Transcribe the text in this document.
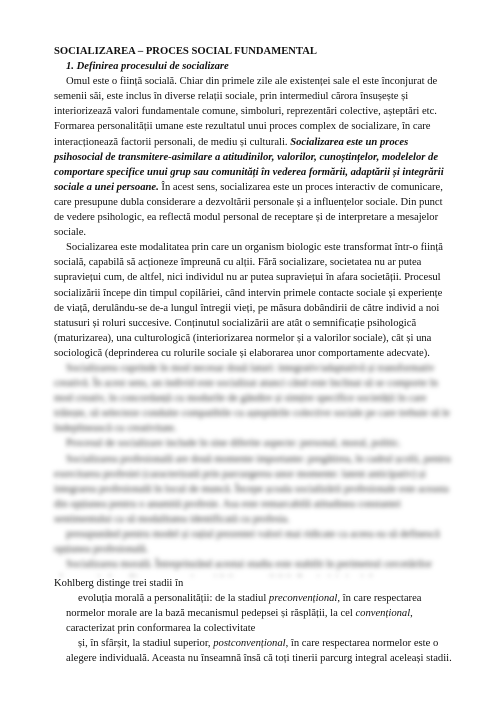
SOCIALIZAREA – PROCES SOCIAL FUNDAMENTAL
1. Definirea procesului de socializare

Omul este o ființă socială. Chiar din primele zile ale existenței sale el este înconjurat de semenii săi, este inclus în diverse relații sociale, prin intermediul cărora însușește și interiorizează valori fundamentale comune, simboluri, reprezentări colective, așteptări etc. Formarea personalității umane este rezultatul unui proces complex de socializare, în care interacționează factorii personali, de mediu și culturali. Socializarea este un proces psihosocial de transmitere-asimilare a atitudinilor, valorilor, cunoștințelor, modelelor de comportare specifice unui grup sau comunități în vederea formării, adaptării și integrării sociale a unei persoane. În acest sens, socializarea este un proces interactiv de comunicare, care presupune dubla considerare a dezvoltării personale și a influențelor sociale. Din punct de vedere psihologic, ea reflectă modul personal de receptare și de interpretare a mesajelor sociale.

Socializarea este modalitatea prin care un organism biologic este transformat într-o ființă socială, capabilă să acționeze împreună cu alții. Fără socializare, societatea nu ar putea supraviețui cum, de altfel, nici individul nu ar putea supraviețui în afara societății. Procesul socializării începe din timpul copilăriei, când intervin primele contacte sociale și experiențe de viață, derulându-se de-a lungul întregii vieți, pe măsura dobândirii de către individ a noi statusuri și roluri succesive. Conținutul socializării are atât o semnificație psihologică (maturizarea), una culturologică (interiorizarea normelor și a valorilor sociale), cât și una sociologică (deprinderea cu rolurile sociale și elaborarea unor comportamente adecvate).

Socializarea cuprinde în mod necesar două laturi: integrativ/adaptativă și transformativ creativă. În acest sens, un individ este socializat atunci când este înclinat să se comporte în mod creativ, în concordanță cu modurile de gândire și simțire specifice societății în care trăiește, să selecteze conduite compatibile cu așteptările colective sociale pe care trebuie să le îndeplinească cu creativitate.

Procesul de socializare include în sine diferite aspecte: personal, moral, politic.

Socializarea profesională are două momente importante: pregătirea, în cadrul școlii, pentru exercitarea profesiei (caracterizată prin parcurgerea unor momente: latent anticipativ) și integrarea profesională în locul de muncă. Începe școala socializării profesionale este aceasta din opțiunea pentru o anumită profesie. Asa este remarcabilă atitudinea constantei sentimentului ca să modalitatea identificată cu profesia.

presupunând pentru model și rațiul prezentei valori mai ridicate ca aceea ea să definescă opțiunea profesională.

Socializarea morală. Întreprinzând acestui studiu este stabilit în perimetrul cercetărilor

Kohlberg distinge trei stadii în

evoluția morală a personalității: de la stadiul preconvențional, în care respectarea normelor morale are la bază mecanismul pedepsei și răsplății, la cel convențional, caracterizat prin conformarea la colectivitate

și, în sfârșit, la stadiul superior, postconvențional, în care respectarea normelor este o alegere individuală. Aceasta nu înseamnă însă că toți tinerii parcurg integral aceleași stadii.
